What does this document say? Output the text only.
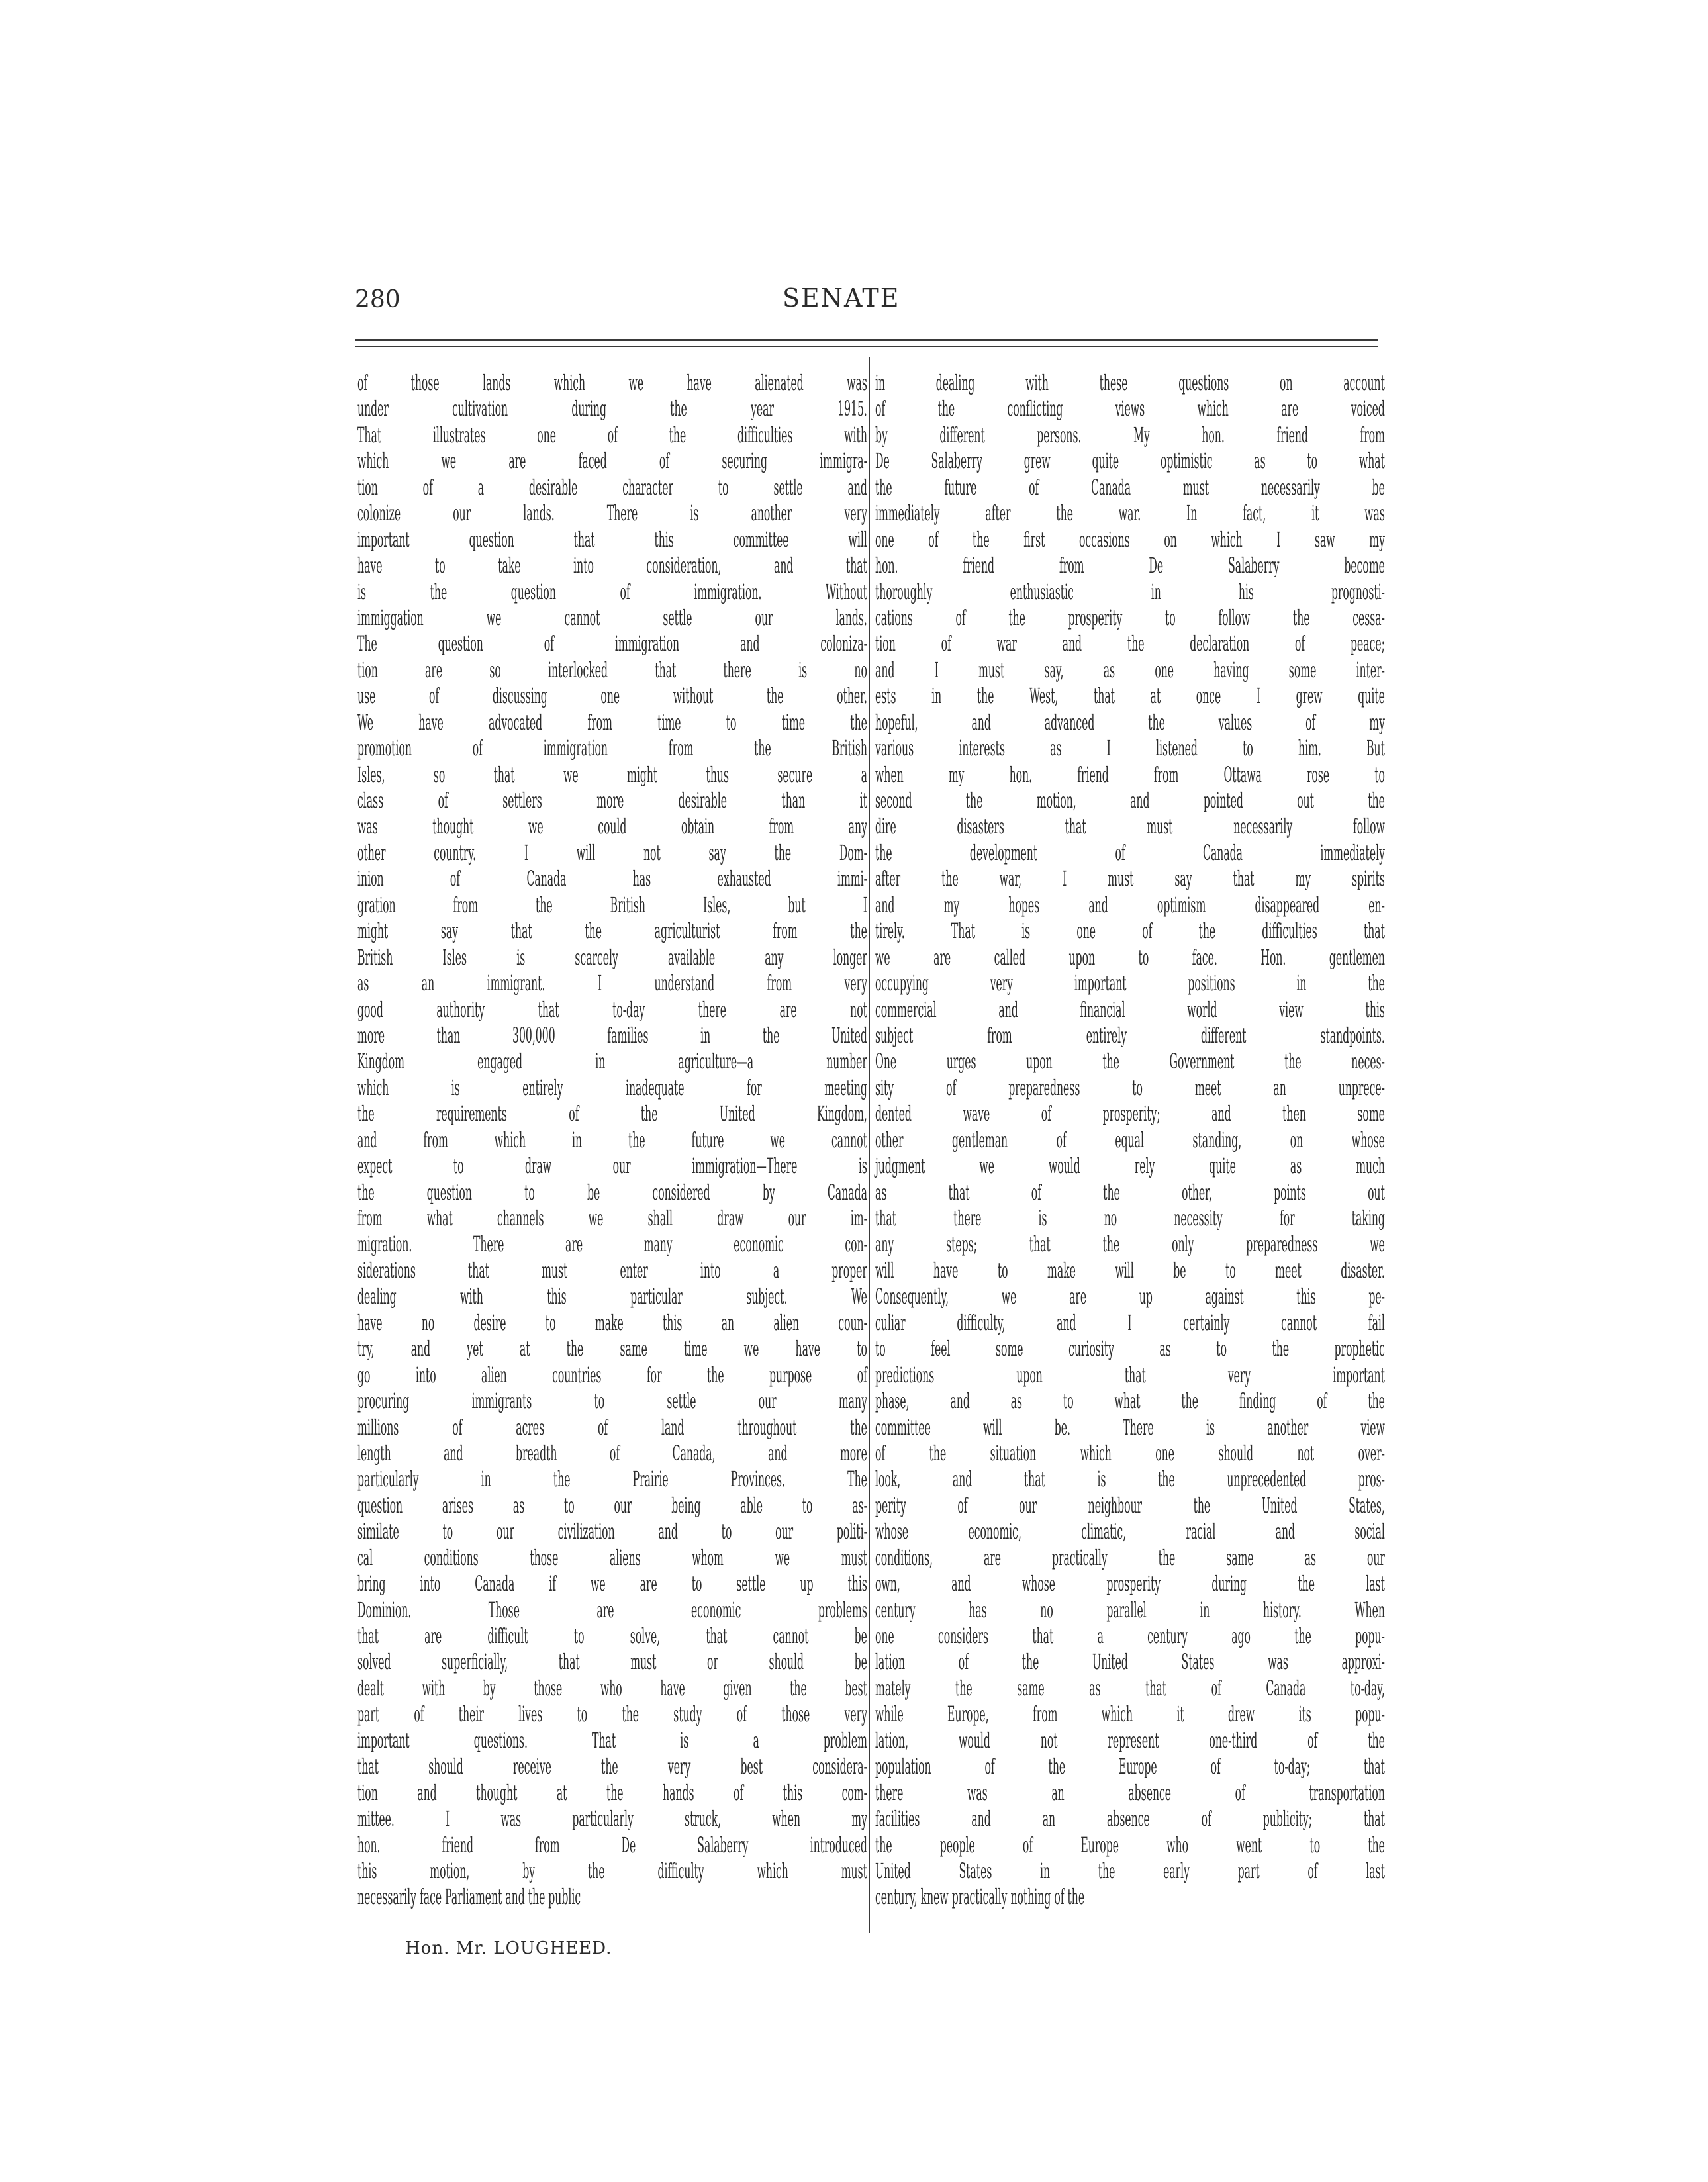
280	SENATE
of those lands which we have alienated was
under cultivation during the year 1915.
That illustrates one of the difficulties with
which we are faced of securing immigra-
tion of a desirable character to settle and
colonize our lands. There is another very
important question that this committee will
have to take into consideration, and that
is the question of immigration. Without
immiggation we cannot settle our lands.
The question of immigration and coloniza-
tion are so interlocked that there is no
use of discussing one without the other.
We have advocated from time to time the
promotion of immigration from the British
Isles, so that we might thus secure a
class of settlers more desirable than it
was thought we could obtain from any
other country. I will not say the Dom-
inion of Canada has exhausted immi-
gration from the British Isles, but I
might say that the agriculturist from the
British Isles is scarcely available any longer
as an immigrant. I understand from very
good authority that to-day there are not
more than 300,000 families in the United
Kingdom engaged in agriculture—a number
which is entirely inadequate for meeting
the requirements of the United Kingdom,
and from which in the future we cannot
expect to draw our immigration—There is
the question to be considered by Canada
from what channels we shall draw our im-
migration. There are many economic con-
siderations that must enter into a proper
dealing with this particular subject. We
have no desire to make this an alien coun-
try, and yet at the same time we have to
go into alien countries for the purpose of
procuring immigrants to settle our many
millions of acres of land throughout the
length and breadth of Canada, and more
particularly in the Prairie Provinces. The
question arises as to our being able to as-
similate to our civilization and to our politi-
cal conditions those aliens whom we must
bring into Canada if we are to settle up this
Dominion. Those are economic problems
that are difficult to solve, that cannot be
solved superficially, that must or should be
dealt with by those who have given the best
part of their lives to the study of those very
important questions. That is a problem
that should receive the very best considera-
tion and thought at the hands of this com-
mittee. I was particularly struck, when my
hon. friend from De Salaberry introduced
this motion, by the difficulty which must
necessarily face Parliament and the public
in dealing with these questions on account
of the conflicting views which are voiced
by different persons. My hon. friend from
De Salaberry grew quite optimistic as to what
the future of Canada must necessarily be
immediately after the war. In fact, it was
one of the first occasions on which I saw my
hon. friend from De Salaberry become
thoroughly enthusiastic in his prognosti-
cations of the prosperity to follow the cessa-
tion of war and the declaration of peace;
and I must say, as one having some inter-
ests in the West, that at once I grew quite
hopeful, and advanced the values of my
various interests as I listened to him. But
when my hon. friend from Ottawa rose to
second the motion, and pointed out the
dire disasters that must necessarily follow
the development of Canada immediately
after the war, I must say that my spirits
and my hopes and optimism disappeared en-
tirely. That is one of the difficulties that
we are called upon to face. Hon. gentlemen
occupying very important positions in the
commercial and financial world view this
subject from entirely different standpoints.
One urges upon the Government the neces-
sity of preparedness to meet an unprece-
dented wave of prosperity; and then some
other gentleman of equal standing, on whose
judgment we would rely quite as much
as that of the other, points out
that there is no necessity for taking
any steps; that the only preparedness we
will have to make will be to meet disaster.
Consequently, we are up against this pe-
culiar difficulty, and I certainly cannot fail
to feel some curiosity as to the prophetic
predictions upon that very important
phase, and as to what the finding of the
committee will be. There is another view
of the situation which one should not over-
look, and that is the unprecedented pros-
perity of our neighbour the United States,
whose economic, climatic, racial and social
conditions, are practically the same as our
own, and whose prosperity during the last
century has no parallel in history. When
one considers that a century ago the popu-
lation of the United States was approxi-
mately the same as that of Canada to-day,
while Europe, from which it drew its popu-
lation, would not represent one-third of the
population of the Europe of to-day; that
there was an absence of transportation
facilities and an absence of publicity; that
the people of Europe who went to the
United States in the early part of last
century, knew practically nothing of the
Hon. Mr. LOUGHEED.
